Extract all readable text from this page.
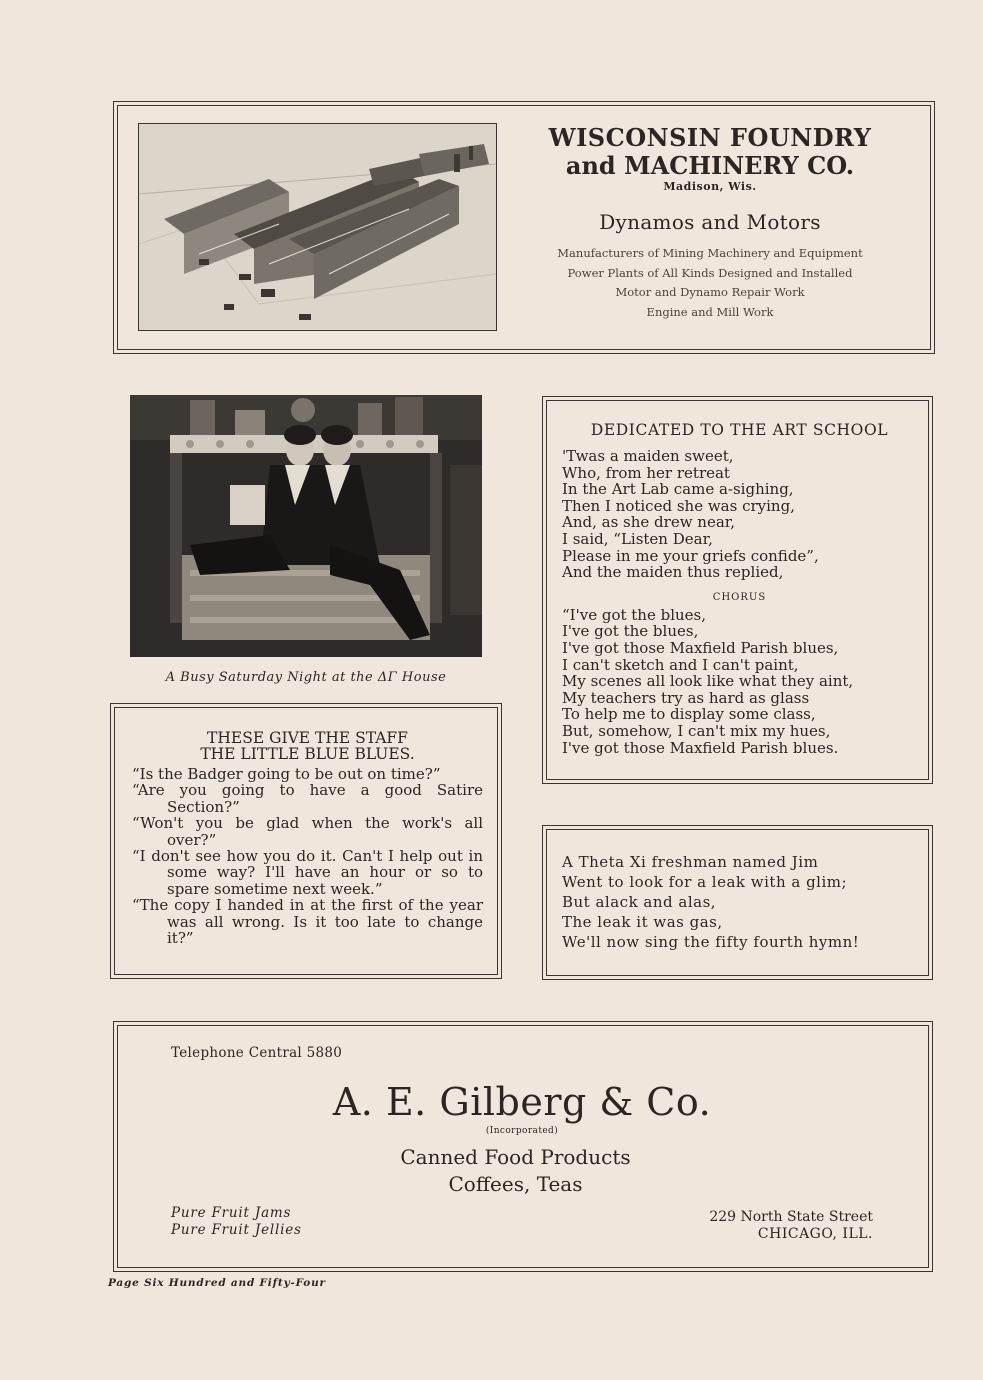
WISCONSIN FOUNDRY
and MACHINERY CO.
Madison, Wis.
Dynamos and Motors
Manufacturers of Mining Machinery and Equipment
Power Plants of All Kinds Designed and Installed
Motor and Dynamo Repair Work
Engine and Mill Work
A Busy Saturday Night at the ΔΓ House
DEDICATED TO THE ART SCHOOL
'Twas a maiden sweet,
Who, from her retreat
In the Art Lab came a-sighing,
Then I noticed she was crying,
And, as she drew near,
I said, “Listen Dear,
Please in me your griefs confide”,
And the maiden thus replied,
CHORUS
“I've got the blues,
I've got the blues,
I've got those Maxfield Parish blues,
I can't sketch and I can't paint,
My scenes all look like what they aint,
My teachers try as hard as glass
To help me to display some class,
But, somehow, I can't mix my hues,
I've got those Maxfield Parish blues.
THESE GIVE THE STAFF
THE LITTLE BLUE BLUES.
“Is the Badger going to be out on time?”
“Are you going to have a good Satire Section?”
“Won't you be glad when the work's all over?”
“I don't see how you do it. Can't I help out in some way? I'll have an hour or so to spare sometime next week.”
“The copy I handed in at the first of the year was all wrong. Is it too late to change it?”
A Theta Xi freshman named Jim
Went to look for a leak with a glim;
But alack and alas,
The leak it was gas,
We'll now sing the fifty fourth hymn!
Telephone Central 5880
A. E. Gilberg & Co.
(Incorporated)
Canned Food Products
Coffees, Teas
Pure Fruit Jams
Pure Fruit Jellies
229 North State Street
CHICAGO, ILL.
Page Six Hundred and Fifty-Four
